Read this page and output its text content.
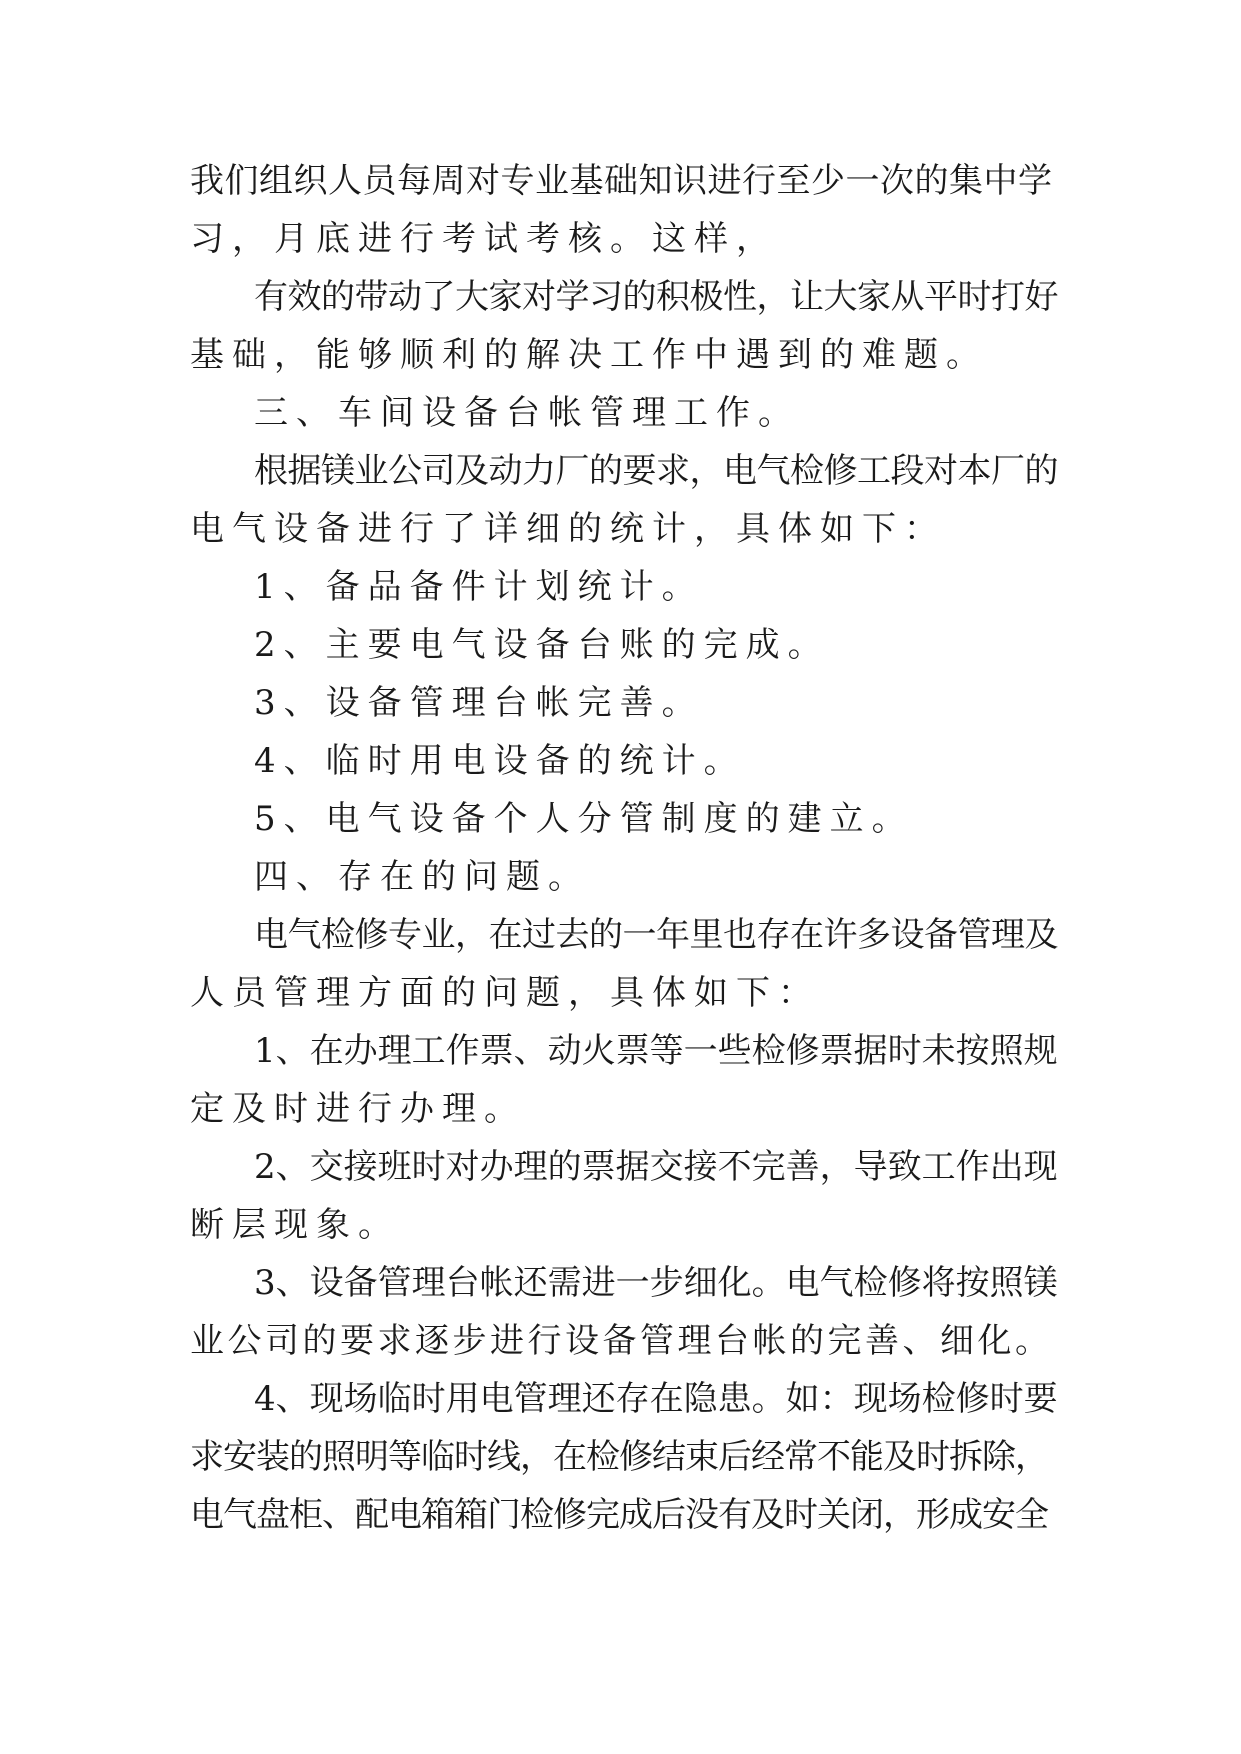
我们组织人员每周对专业基础知识进行至少一次的集中学
习，月底进行考试考核。这样，
有效的带动了大家对学习的积极性，让大家从平时打好
基础，能够顺利的解决工作中遇到的难题。
三、车间设备台帐管理工作。
根据镁业公司及动力厂的要求，电气检修工段对本厂的
电气设备进行了详细的统计，具体如下：
1、备品备件计划统计。
2、主要电气设备台账的完成。
3、设备管理台帐完善。
4、临时用电设备的统计。
5、电气设备个人分管制度的建立。
四、存在的问题。
电气检修专业，在过去的一年里也存在许多设备管理及
人员管理方面的问题，具体如下：
1、在办理工作票、动火票等一些检修票据时未按照规
定及时进行办理。
2、交接班时对办理的票据交接不完善，导致工作出现
断层现象。
3、设备管理台帐还需进一步细化。电气检修将按照镁
业公司的要求逐步进行设备管理台帐的完善、细化。
4、现场临时用电管理还存在隐患。如：现场检修时要
求安装的照明等临时线，在检修结束后经常不能及时拆除，
电气盘柜、配电箱箱门检修完成后没有及时关闭，形成安全
